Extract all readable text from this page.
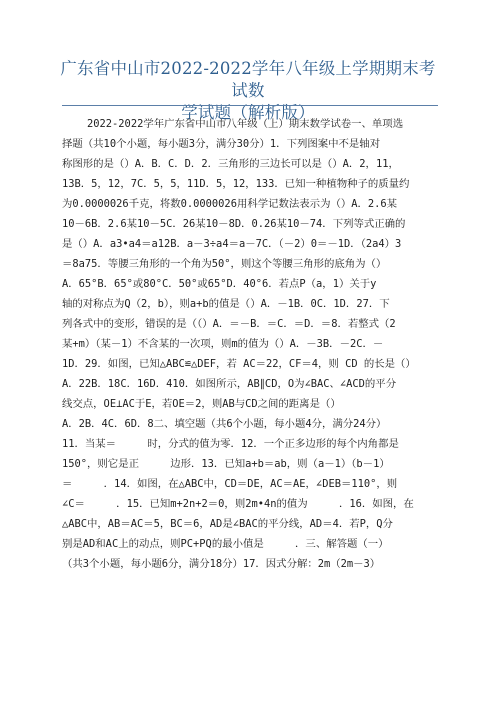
广东省中山市2022-2022学年八年级上学期期末考试数
学试题（解析版）
2022-2022学年广东省中山市八年级（上）期末数学试卷一、单项选
择题（共10个小题，每小题3分，满分30分）1．下列图案中不是轴对
称图形的是（）A．B．C．D．2．三角形的三边长可以是（）A．2，11，
13B．5，12，7C．5，5，11D．5，12，133．已知一种植物种子的质量约
为0.0000026千克，将数0.0000026用科学记数法表示为（）A．2.6某
10－6B．2.6某10－5C．26某10－8D．0.26某10－74．下列等式正确的
是（）A．a3•a4＝a12B．a－3÷a4＝a－7C．（－2）0＝－1D．（2a4）3
＝8a75．等腰三角形的一个角为50°，则这个等腰三角形的底角为（）
A．65°B．65°或80°C．50°或65°D．40°6．若点P（a，1）关于y
轴的对称点为Q（2，b），则a+b的值是（）A．－1B．0C．1D．27．下
列各式中的变形，错误的是（（）A．＝－B．＝C．＝D．＝8．若整式（2
某+m）（某－1）不含某的一次项，则m的值为（）A．－3B．－2C．－
1D．29．如图，已知△ABC≌△DEF，若 AC＝22，CF＝4，则 CD 的长是（）
A．22B．18C．16D．410．如图所示，AB∥CD，O为∠BAC、∠ACD的平分
线交点，OE⊥AC于E，若OE＝2，则AB与CD之间的距离是（）
A．2B．4C．6D．8二、填空题（共6个小题，每小题4分，满分24分）
11．当某＝     时，分式的值为零．12．一个正多边形的每个内角都是
150°，则它是正     边形．13．已知a+b＝ab，则（a－1）（b－1）
＝     ．14．如图，在△ABC中，CD＝DE，AC＝AE，∠DEB＝110°，则
∠C＝     ．15．已知m+2n+2＝0，则2m•4n的值为     ．16．如图，在
△ABC中，AB＝AC＝5，BC＝6，AD是∠BAC的平分线，AD＝4．若P，Q分
别是AD和AC上的动点，则PC+PQ的最小值是     ．三、解答题（一）
（共3个小题，每小题6分，满分18分）17．因式分解：2m（2m－3）
